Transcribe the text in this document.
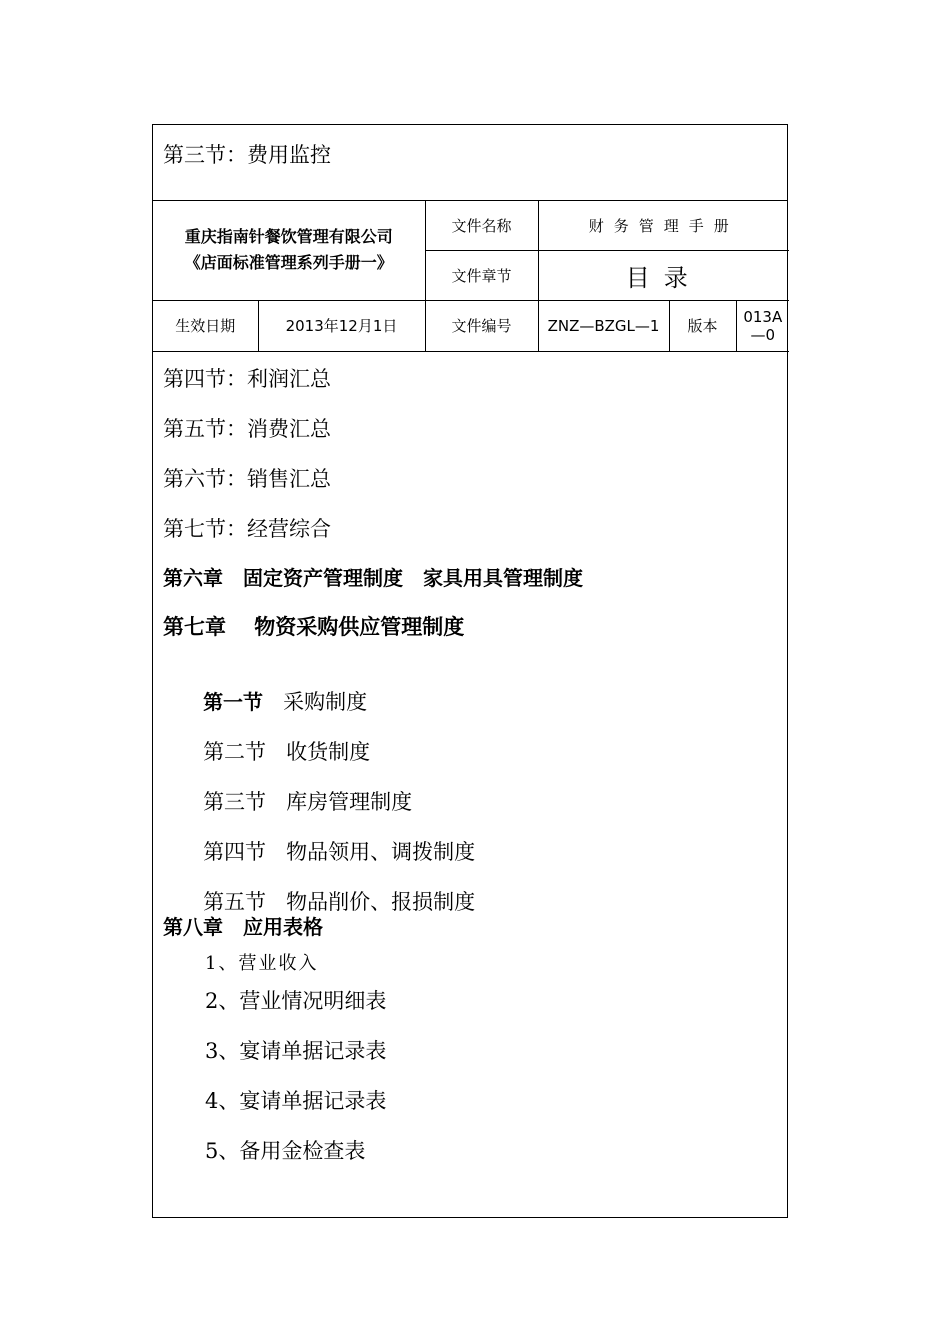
第三节：费用监控
重庆指南针餐饮管理有限公司
《店面标准管理系列手册一》		文件名称	财务管理手册		
		文件章节	目录		
生效日期	2013年12月1日	文件编号	ZNZ—BZGL—1	版本	013A
—0
第四节：利润汇总
第五节：消费汇总
第六节：销售汇总
第七节：经营综合
第六章　固定资产管理制度　家具用具管理制度
第七章　 物资采购供应管理制度

第一节 采购制度

第二节 收货制度

第三节 库房管理制度

第四节 物品领用、调拨制度

第五节 物品削价、报损制度

第八章　应用表格
1、营业收入
2、营业情况明细表
3、宴请单据记录表
4、宴请单据记录表
5、备用金检查表
